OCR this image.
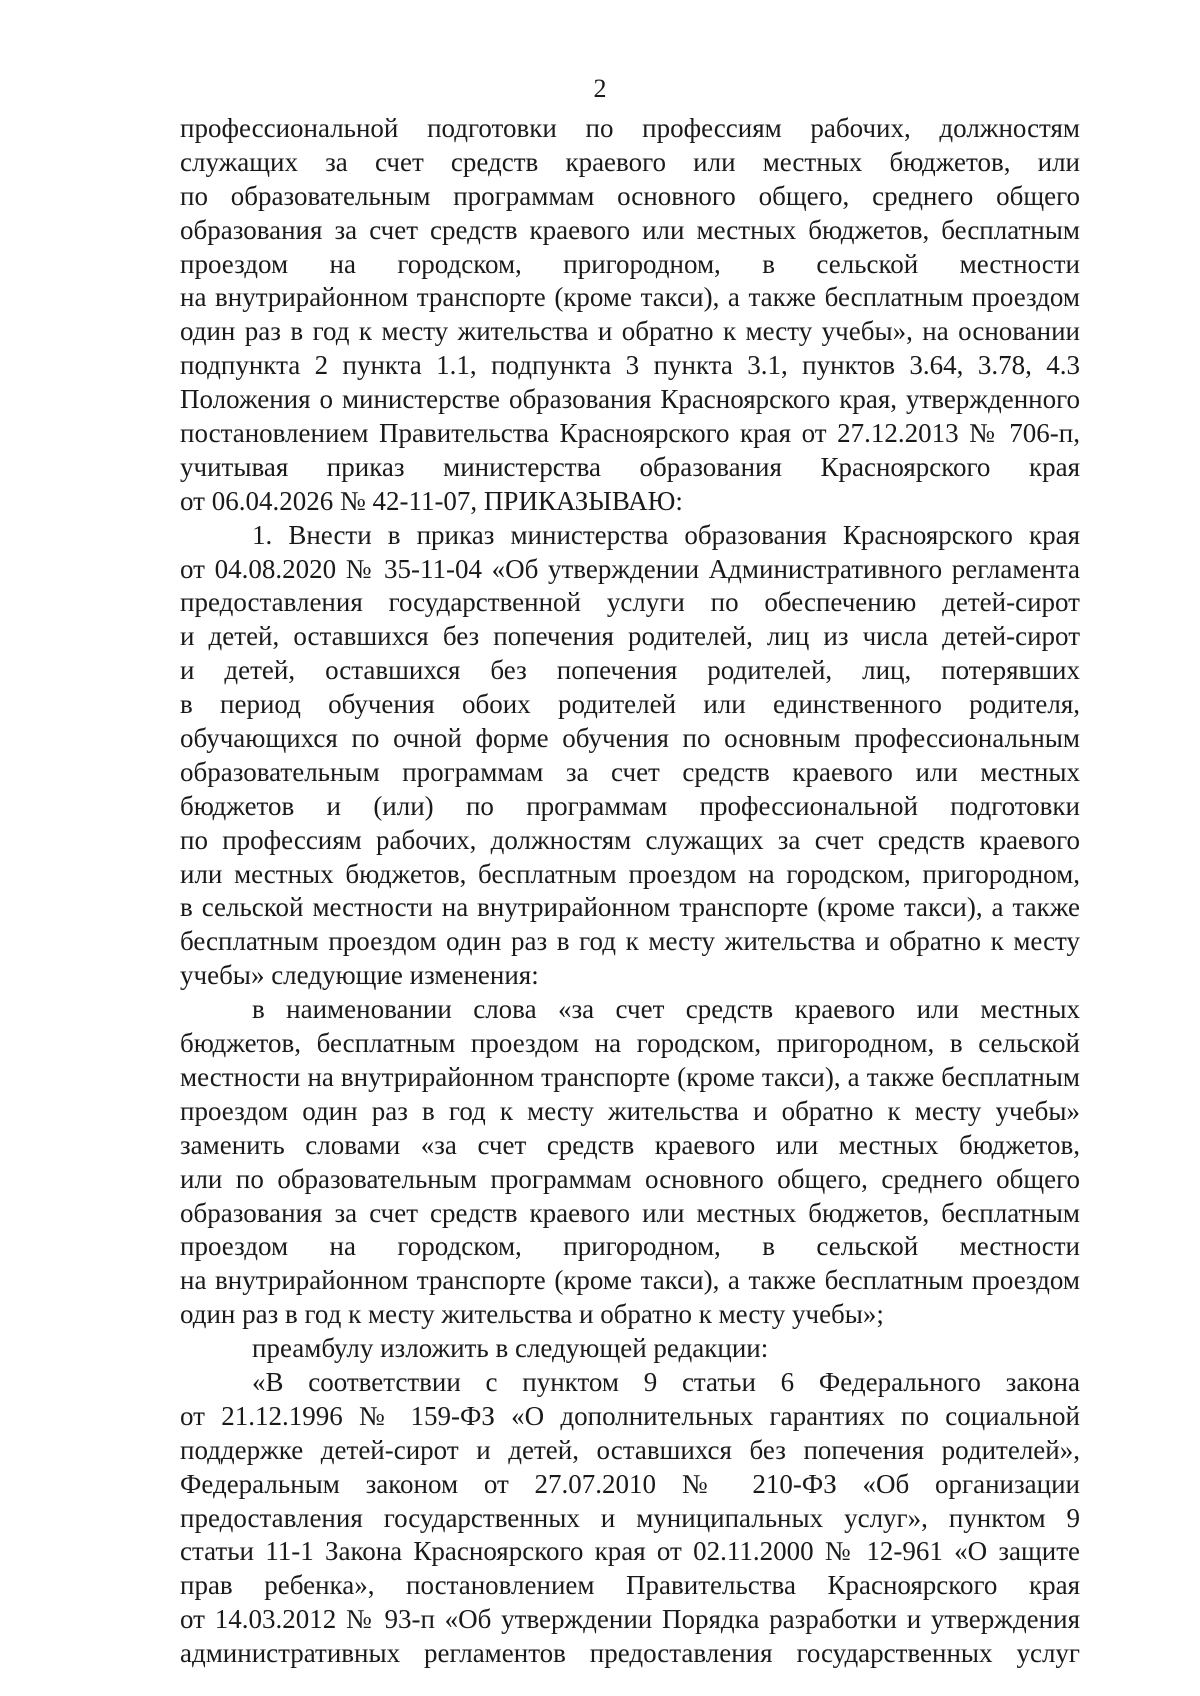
2
профессиональной подготовки по профессиям рабочих, должностям
служащих за счет средств краевого или местных бюджетов, или
по образовательным программам основного общего, среднего общего
образования за счет средств краевого или местных бюджетов, бесплатным
проездом на городском, пригородном, в сельской местности
на внутрирайонном транспорте (кроме такси), а также бесплатным проездом
один раз в год к месту жительства и обратно к месту учебы», на основании
подпункта 2 пункта 1.1, подпункта 3 пункта 3.1, пунктов 3.64, 3.78, 4.3
Положения о министерстве образования Красноярского края, утвержденного
постановлением Правительства Красноярского края от 27.12.2013 № 706-п,
учитывая приказ министерства образования Красноярского края
от 06.04.2026 № 42-11-07, ПРИКАЗЫВАЮ:
1. Внести в приказ министерства образования Красноярского края
от 04.08.2020 № 35-11-04 «Об утверждении Административного регламента
предоставления государственной услуги по обеспечению детей-сирот
и детей, оставшихся без попечения родителей, лиц из числа детей-сирот
и детей, оставшихся без попечения родителей, лиц, потерявших
в период обучения обоих родителей или единственного родителя,
обучающихся по очной форме обучения по основным профессиональным
образовательным программам за счет средств краевого или местных
бюджетов и (или) по программам профессиональной подготовки
по профессиям рабочих, должностям служащих за счет средств краевого
или местных бюджетов, бесплатным проездом на городском, пригородном,
в сельской местности на внутрирайонном транспорте (кроме такси), а также
бесплатным проездом один раз в год к месту жительства и обратно к месту
учебы» следующие изменения:
в наименовании слова «за счет средств краевого или местных
бюджетов, бесплатным проездом на городском, пригородном, в сельской
местности на внутрирайонном транспорте (кроме такси), а также бесплатным
проездом один раз в год к месту жительства и обратно к месту учебы»
заменить словами «за счет средств краевого или местных бюджетов,
или по образовательным программам основного общего, среднего общего
образования за счет средств краевого или местных бюджетов, бесплатным
проездом на городском, пригородном, в сельской местности
на внутрирайонном транспорте (кроме такси), а также бесплатным проездом
один раз в год к месту жительства и обратно к месту учебы»;
преамбулу изложить в следующей редакции:
«В соответствии с пунктом 9 статьи 6 Федерального закона
от 21.12.1996 № 159-ФЗ «О дополнительных гарантиях по социальной
поддержке детей-сирот и детей, оставшихся без попечения родителей»,
Федеральным законом от 27.07.2010 № 210-ФЗ «Об организации
предоставления государственных и муниципальных услуг», пунктом 9
статьи 11-1 Закона Красноярского края от 02.11.2000 № 12-961 «О защите
прав ребенка», постановлением Правительства Красноярского края
от 14.03.2012 № 93-п «Об утверждении Порядка разработки и утверждения
административных регламентов предоставления государственных услуг
